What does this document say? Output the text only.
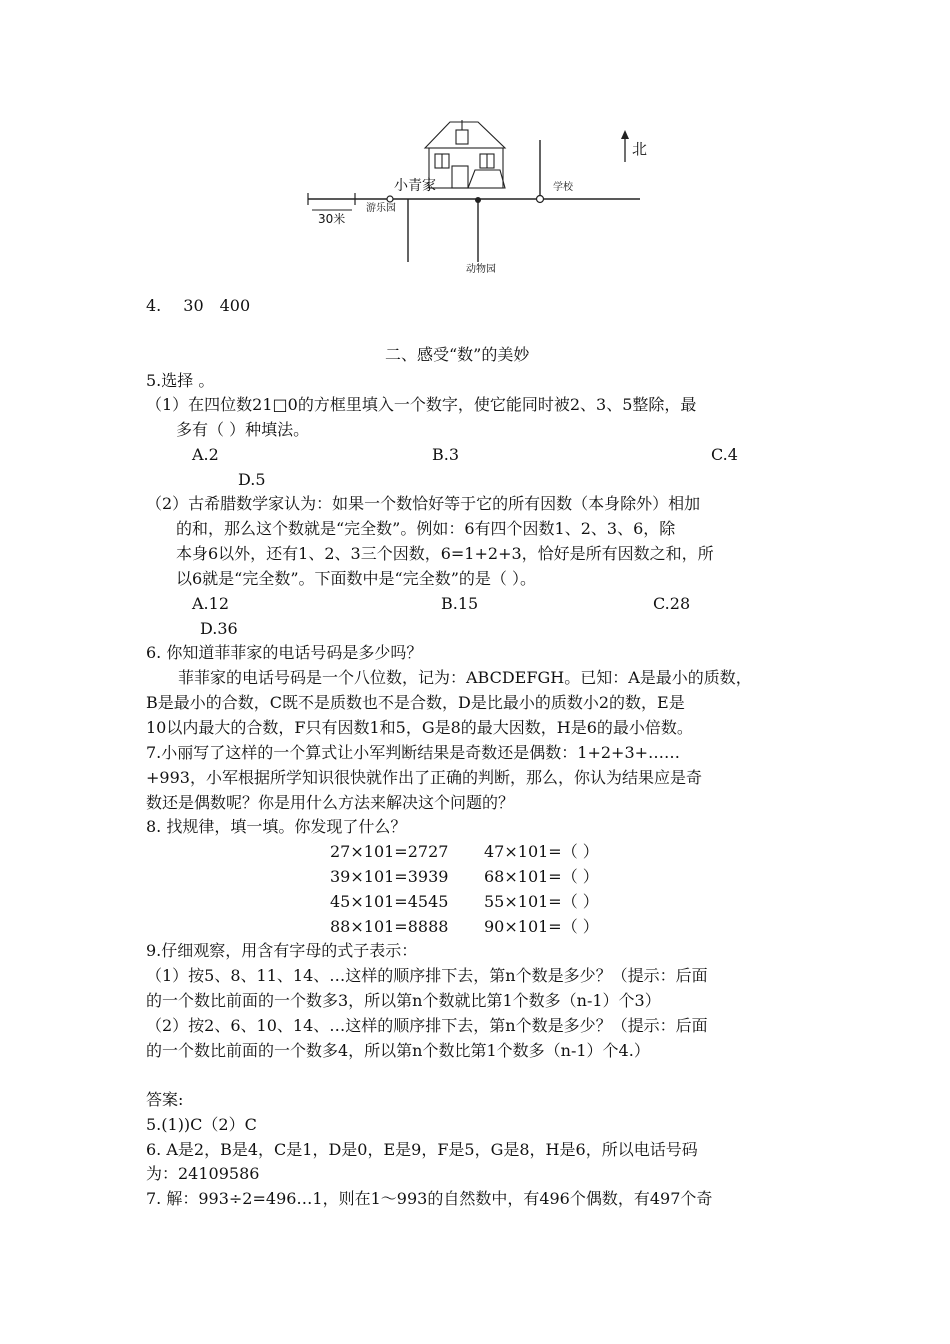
30米
游乐园
动物园
学校
北
小青家
4. 30 400
二、感受“数”的美妙
5.选择 。
（1）在四位数21□0的方框里填入一个数字，使它能同时被2、3、5整除，最
多有（ ）种填法。
A.2	B.3	C.4
D.5
（2）古希腊数学家认为：如果一个数恰好等于它的所有因数（本身除外）相加
的和，那么这个数就是“完全数”。例如：6有四个因数1、2、3、6，除
本身6以外，还有1、2、3三个因数，6=1+2+3，恰好是所有因数之和，所
以6就是“完全数”。下面数中是“完全数”的是（ ）。
A.12	B.15	C.28
D.36
6. 你知道菲菲家的电话号码是多少吗？
菲菲家的电话号码是一个八位数，记为：ABCDEFGH。已知：A是最小的质数，
B是最小的合数，C既不是质数也不是合数，D是比最小的质数小2的数，E是
10以内最大的合数，F只有因数1和5，G是8的最大因数，H是6的最小倍数。
7.小丽写了这样的一个算式让小军判断结果是奇数还是偶数：1+2+3+……
+993，小军根据所学知识很快就作出了正确的判断，那么，你认为结果应是奇
数还是偶数呢？你是用什么方法来解决这个问题的？
8. 找规律，填一填。你发现了什么？
27×101=2727 47×101=（ ）
39×101=3939 68×101=（ ）
45×101=4545 55×101=（ ）
88×101=8888 90×101=（ ）
9.仔细观察，用含有字母的式子表示：
（1）按5、8、11、14、…这样的顺序排下去，第n个数是多少？（提示：后面
的一个数比前面的一个数多3，所以第n个数就比第1个数多（n-1）个3）
（2）按2、6、10、14、…这样的顺序排下去，第n个数是多少？（提示：后面
的一个数比前面的一个数多4，所以第n个数比第1个数多（n-1）个4.）
答案:
5.(1))C（2）C
6. A是2，B是4，C是1，D是0，E是9，F是5，G是8，H是6，所以电话号码
为：24109586
7. 解：993÷2=496…1，则在1～993的自然数中，有496个偶数，有497个奇
